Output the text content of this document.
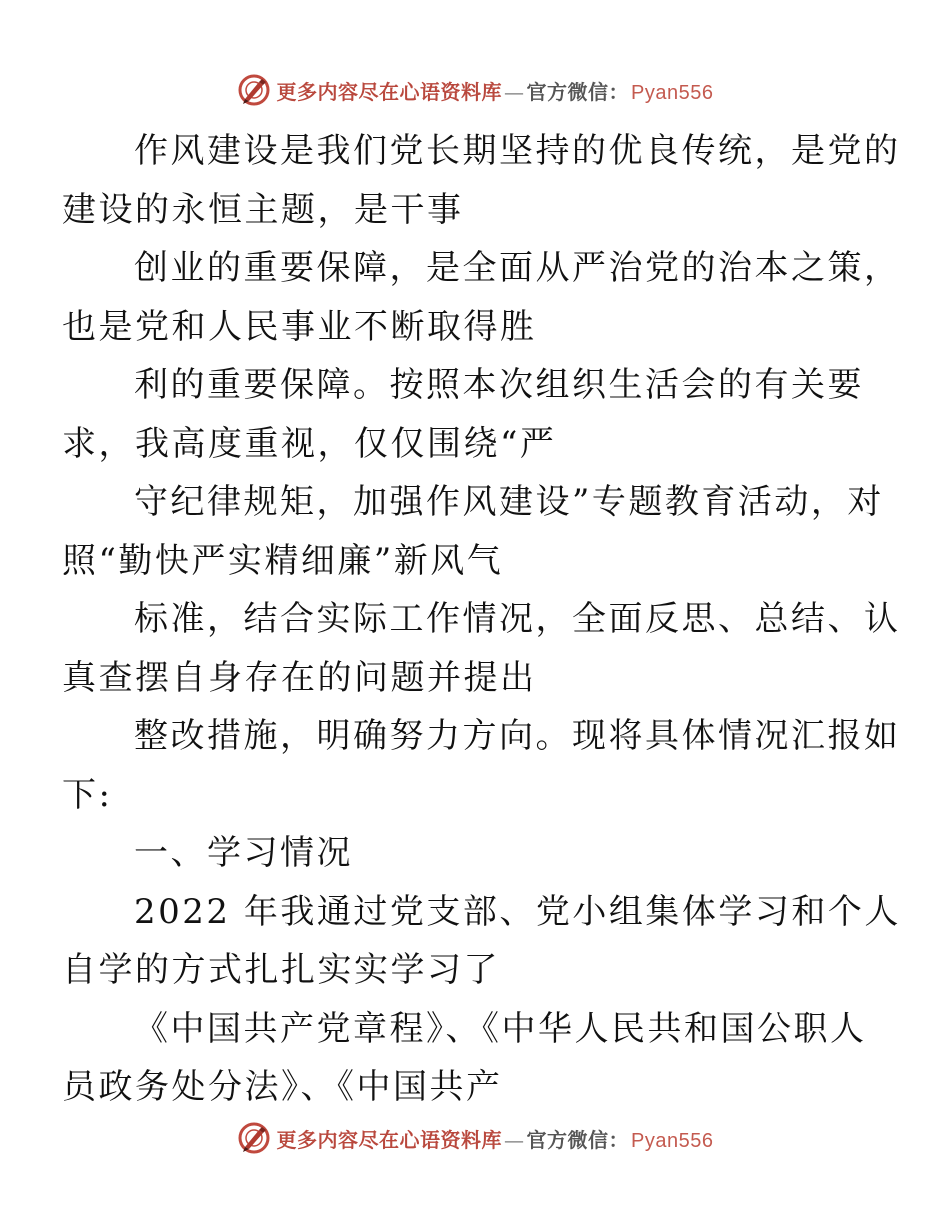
更多内容尽在心语资料库 — 官方微信： Pyan556

作风建设是我们党长期坚持的优良传统，是党的
建设的永恒主题，是干事

创业的重要保障，是全面从严治党的治本之策，
也是党和人民事业不断取得胜

利的重要保障。按照本次组织生活会的有关要
求，我高度重视，仅仅围绕“严

守纪律规矩，加强作风建设”专题教育活动，对
照“勤快严实精细廉”新风气

标准，结合实际工作情况，全面反思、总结、认
真查摆自身存在的问题并提出

整改措施，明确努力方向。现将具体情况汇报如
下:

一、学习情况

2022 年我通过党支部、党小组集体学习和个人
自学的方式扎扎实实学习了

《中国共产党章程》、《中华人民共和国公职人
员政务处分法》、《中国共产

更多内容尽在心语资料库 — 官方微信： Pyan556
